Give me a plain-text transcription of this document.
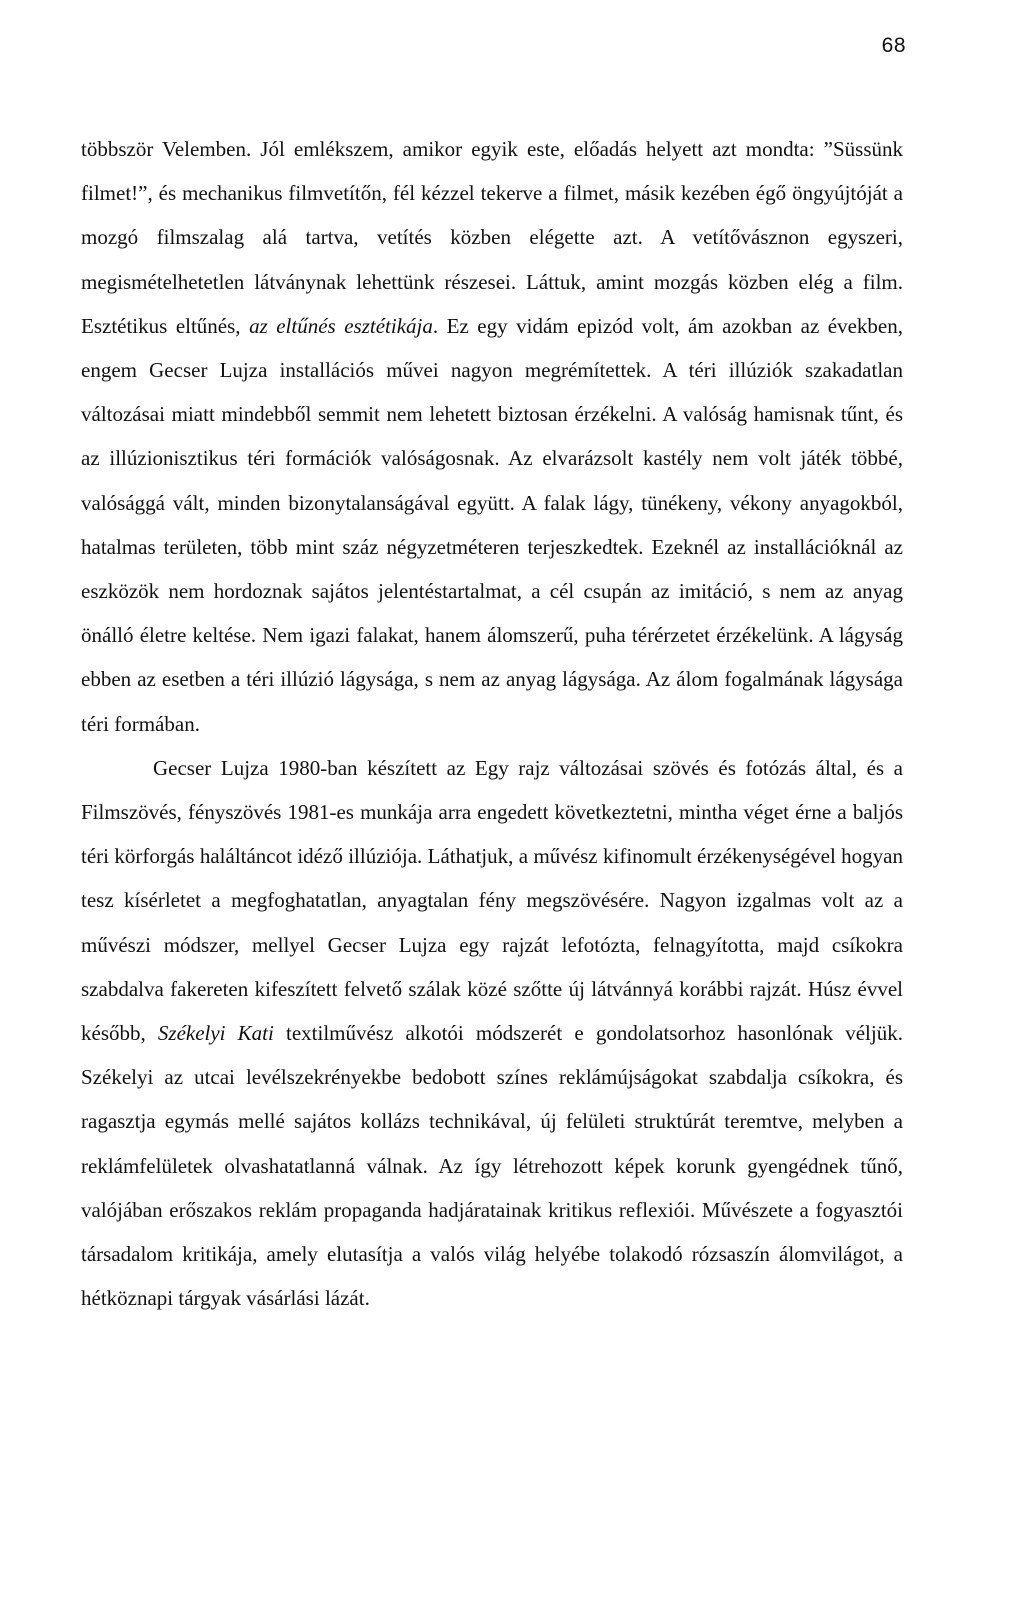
68

többször Velemben. Jól emlékszem, amikor egyik este, előadás helyett azt mondta: ”Süssünk filmet!”, és mechanikus filmvetítőn, fél kézzel tekerve a filmet, másik kezében égő öngyújtóját a mozgó filmszalag alá tartva, vetítés közben elégette azt. A vetítővásznon egyszeri, megismételhetetlen látványnak lehettünk részesei. Láttuk, amint mozgás közben elég a film. Esztétikus eltűnés, az eltűnés esztétikája. Ez egy vidám epizód volt, ám azokban az években, engem Gecser Lujza installációs művei nagyon megrémítettek. A téri illúziók szakadatlan változásai miatt mindebből semmit nem lehetett biztosan érzékelni. A valóság hamisnak tűnt, és az illúzionisztikus téri formációk valóságosnak. Az elvarázsolt kastély nem volt játék többé, valósággá vált, minden bizonytalanságával együtt. A falak lágy, tünékeny, vékony anyagokból, hatalmas területen, több mint száz négyzetméteren terjeszkedtek. Ezeknél az installációknál az eszközök nem hordoznak sajátos jelentéstartalmat, a cél csupán az imitáció, s nem az anyag önálló életre keltése. Nem igazi falakat, hanem álomszerű, puha térérzetet érzékelünk. A lágyság ebben az esetben a téri illúzió lágysága, s nem az anyag lágysága. Az álom fogalmának lágysága téri formában.

Gecser Lujza 1980-ban készített az Egy rajz változásai szövés és fotózás által, és a Filmszövés, fényszövés 1981-es munkája arra engedett következtetni, mintha véget érne a baljós téri körforgás haláltáncot idéző illúziója. Láthatjuk, a művész kifinomult érzékenységével hogyan tesz kísérletet a megfoghatatlan, anyagtalan fény megszövésére. Nagyon izgalmas volt az a művészi módszer, mellyel Gecser Lujza egy rajzát lefotózta, felnagyította, majd csíkokra szabdalva fakereten kifeszített felvető szálak közé szőtte új látvánnyá korábbi rajzát. Húsz évvel később, Székelyi Kati textilművész alkotói módszerét e gondolatsorhoz hasonlónak véljük. Székelyi az utcai levélszekrényekbe bedobott színes reklámújságokat szabdalja csíkokra, és ragasztja egymás mellé sajátos kollázs technikával, új felületi struktúrát teremtve, melyben a reklámfelületek olvashatatlanná válnak. Az így létrehozott képek korunk gyengédnek tűnő, valójában erőszakos reklám propaganda hadjáratainak kritikus reflexiói. Művészete a fogyasztói társadalom kritikája, amely elutasítja a valós világ helyébe tolakodó rózsaszín álomvilágot, a hétköznapi tárgyak vásárlási lázát.
